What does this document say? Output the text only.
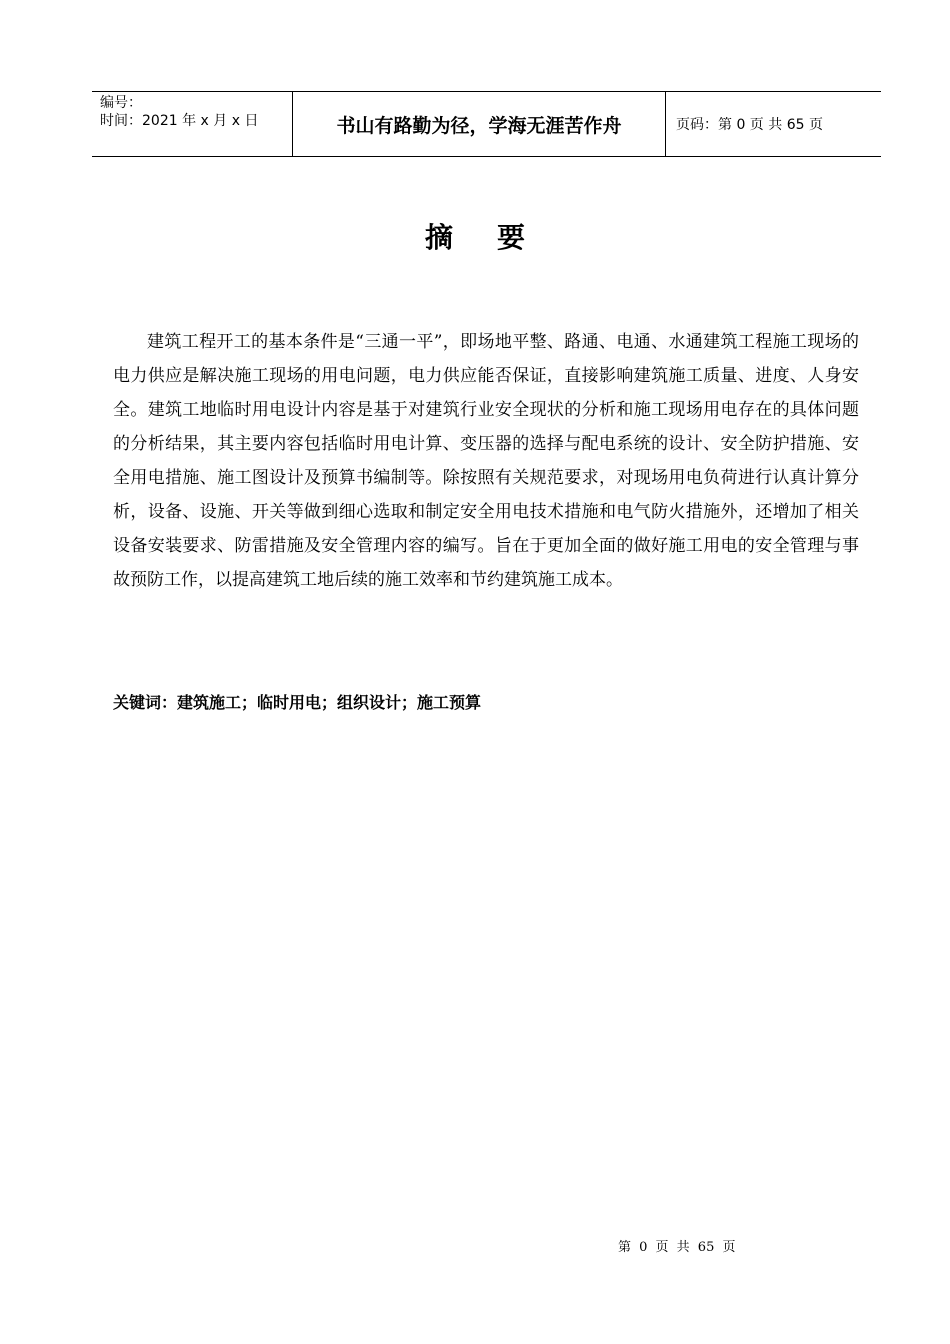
编号：
时间：2021 年 x 月 x 日	书山有路勤为径，学海无涯苦作舟	页码：第 0 页 共 65 页
摘要

建筑工程开工的基本条件是“三通一平”，即场地平整、路通、电通、水通建筑工程施工现场的电力供应是解决施工现场的用电问题，电力供应能否保证，直接影响建筑施工质量、进度、人身安全。建筑工地临时用电设计内容是基于对建筑行业安全现状的分析和施工现场用电存在的具体问题的分析结果，其主要内容包括临时用电计算、变压器的选择与配电系统的设计、安全防护措施、安全用电措施、施工图设计及预算书编制等。除按照有关规范要求，对现场用电负荷进行认真计算分析，设备、设施、开关等做到细心选取和制定安全用电技术措施和电气防火措施外，还增加了相关设备安装要求、防雷措施及安全管理内容的编写。旨在于更加全面的做好施工用电的安全管理与事故预防工作，以提高建筑工地后续的施工效率和节约建筑施工成本。

关键词：建筑施工；临时用电；组织设计；施工预算
第 0 页 共 65 页
